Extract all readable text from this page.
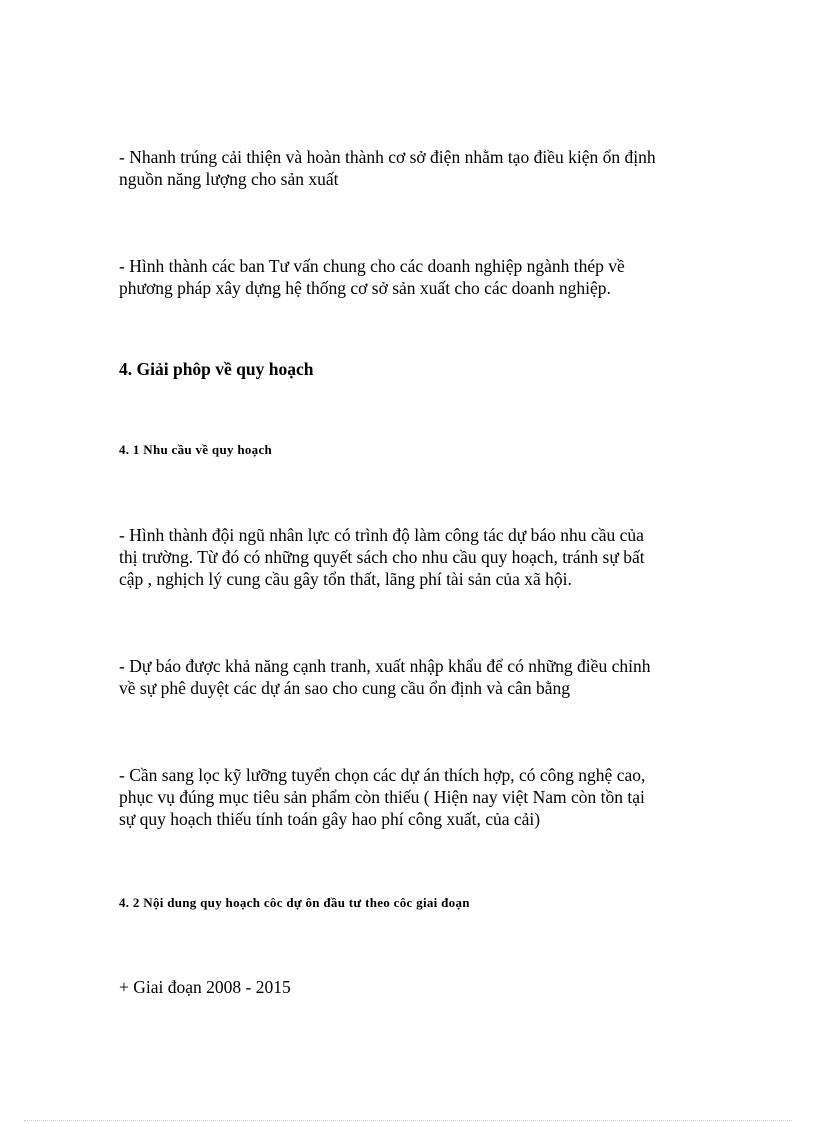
- Nhanh trúng cải thiện và hoàn thành cơ sở điện nhằm tạo điều kiện ổn định

nguồn năng lượng cho sản xuất

- Hình thành các ban Tư vấn chung cho các doanh nghiệp ngành thép về

phương pháp xây dựng hệ thống cơ sở sản xuất cho các doanh nghiệp.

4. Giải phôp về quy hoạch
4. 1 Nhu cầu về quy hoạch

- Hình thành đội ngũ nhân lực có trình độ làm công tác dự báo nhu cầu của

thị trường. Từ đó có những quyết sách cho nhu cầu quy hoạch, tránh sự bất

cập , nghịch lý cung cầu gây tổn thất, lãng phí tài sản của xã hội.

- Dự báo được khả năng cạnh tranh, xuất nhập khẩu để có những điều chỉnh

về sự phê duyệt các dự án sao cho cung cầu ổn định và cân bằng

- Cần sang lọc kỹ lưỡng tuyển chọn các dự án thích hợp, có công nghệ cao,

phục vụ đúng mục tiêu sản phẩm còn thiếu ( Hiện nay việt Nam còn tồn tại

sự quy hoạch thiếu tính toán gây hao phí công xuất, của cải)

4. 2 Nội dung quy hoạch côc dự ôn đầu tư theo côc giai đoạn

+ Giai đoạn 2008 - 2015
